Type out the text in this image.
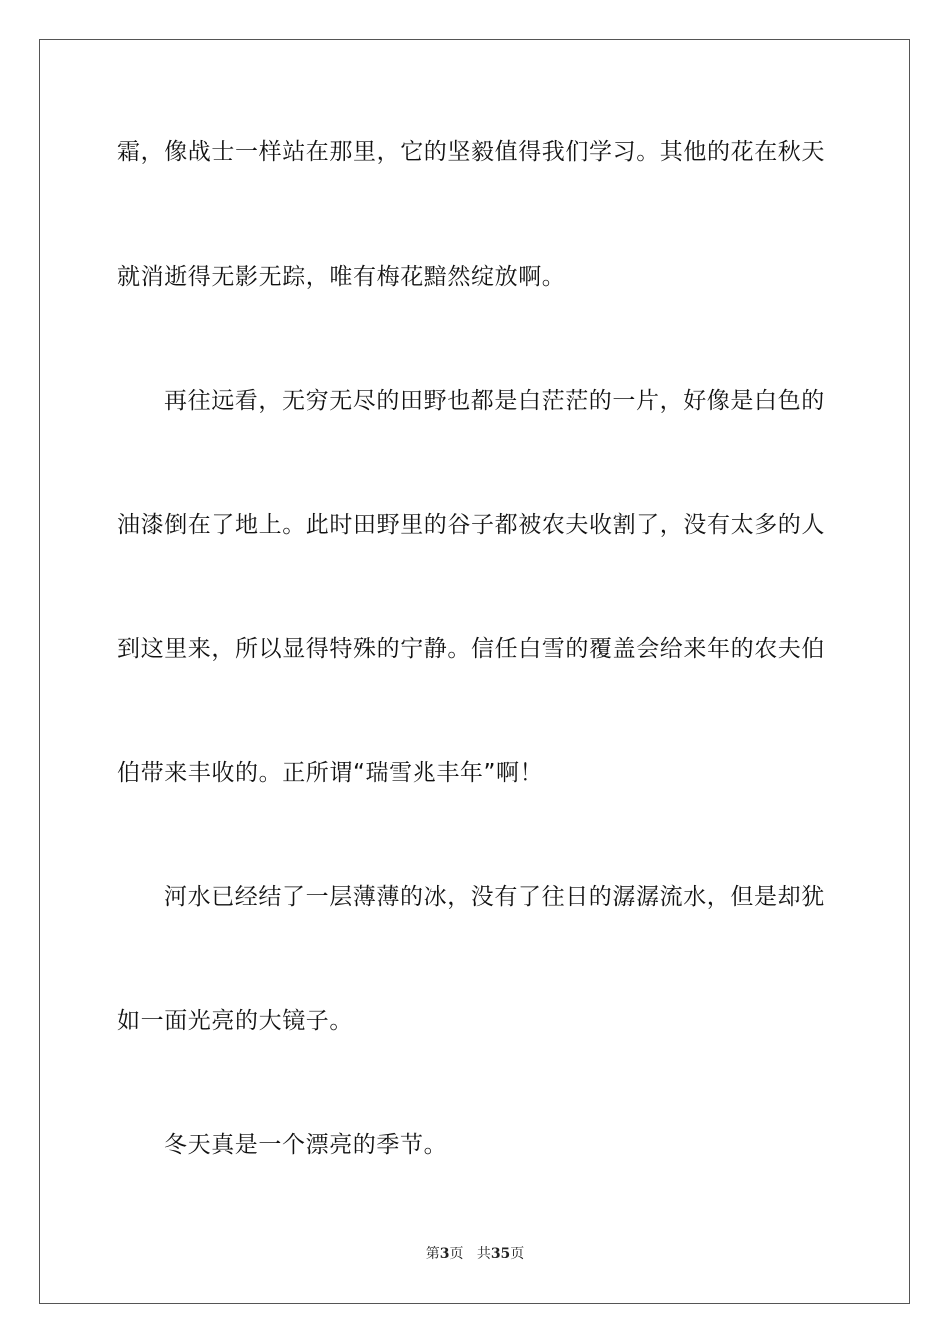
霜，像战士一样站在那里，它的坚毅值得我们学习。其他的花在秋天
就消逝得无影无踪，唯有梅花黯然绽放啊。
再往远看，无穷无尽的田野也都是白茫茫的一片，好像是白色的
油漆倒在了地上。此时田野里的谷子都被农夫收割了，没有太多的人
到这里来，所以显得特殊的宁静。信任白雪的覆盖会给来年的农夫伯
伯带来丰收的。正所谓“瑞雪兆丰年”啊！
河水已经结了一层薄薄的冰，没有了往日的潺潺流水，但是却犹
如一面光亮的大镜子。
冬天真是一个漂亮的季节。
第3页 共35页
